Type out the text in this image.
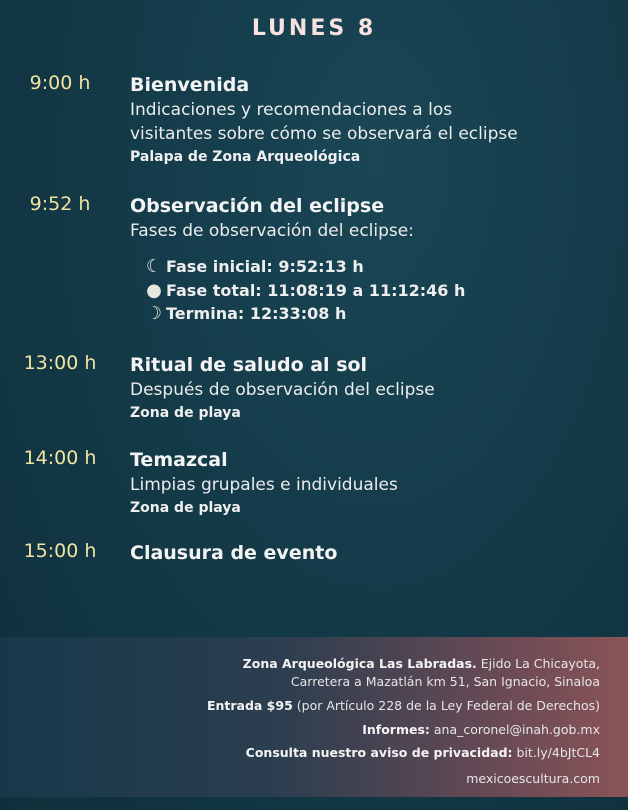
LUNES 8
9:00 h	Bienvenida
Indicaciones y recomendaciones a los
visitantes sobre cómo se observará el eclipse
Palapa de Zona Arqueológica
9:52 h	Observación del eclipse
Fases de observación del eclipse:
☾ Fase inicial: 9:52:13 h
● Fase total: 11:08:19 a 11:12:46 h
☽ Termina: 12:33:08 h
13:00 h	Ritual de saludo al sol
Después de observación del eclipse
Zona de playa
14:00 h	Temazcal
Limpias grupales e individuales
Zona de playa
15:00 h	Clausura de evento
Zona Arqueológica Las Labradas. Ejido La Chicayota,
Carretera a Mazatlán km 51, San Ignacio, Sinaloa
Entrada $95 (por Artículo 228 de la Ley Federal de Derechos)
Informes: ana_coronel@inah.gob.mx
Consulta nuestro aviso de privacidad: bit.ly/4bJtCL4
mexicoescultura.com
